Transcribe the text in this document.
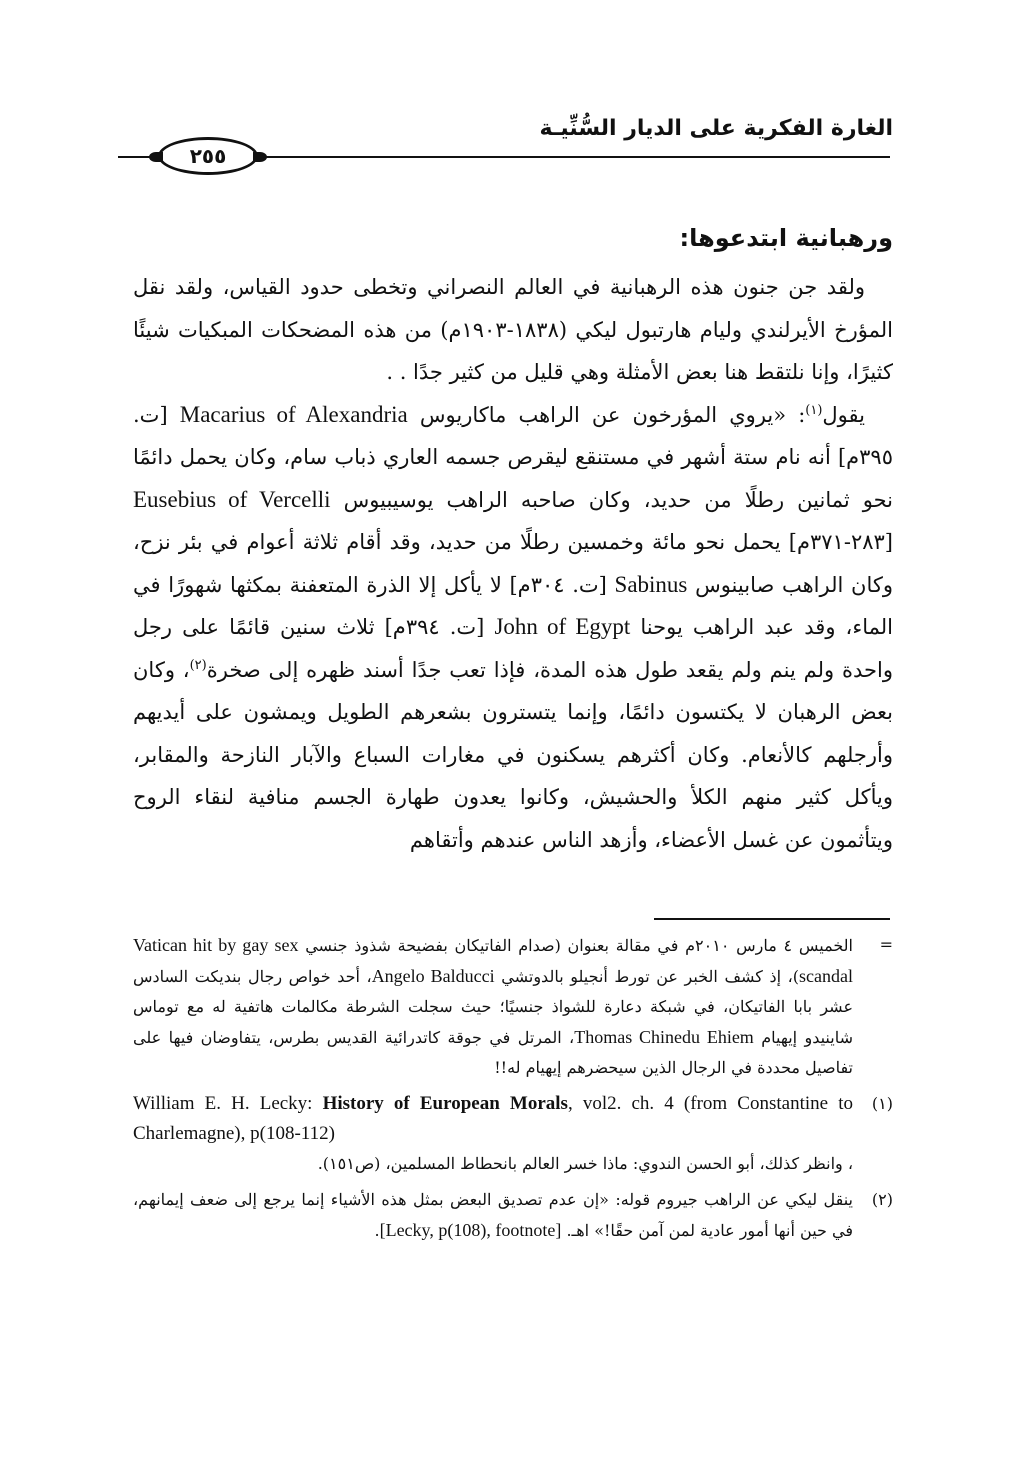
الغارة الفكرية على الديار السُّنِّيـة
٢٥٥
ورهبانية ابتدعوها:

ولقد جن جنون هذه الرهبانية في العالم النصراني وتخطى حدود القياس، ولقد نقل المؤرخ الأيرلندي وليام هارتبول ليكي (١٨٣٨-١٩٠٣م) من هذه المضحكات المبكيات شيئًا كثيرًا، وإنا نلتقط هنا بعض الأمثلة وهي قليل من كثير جدًا . .

يقول$^{(١)}$: «يروي المؤرخون عن الراهب ماكاريوس Macarius of Alexandria [ت. ٣٩٥م] أنه نام ستة أشهر في مستنقع ليقرص جسمه العاري ذباب سام، وكان يحمل دائمًا نحو ثمانين رطلًا من حديد، وكان صاحبه الراهب يوسيبيوس Eusebius of Vercelli [٢٨٣-٣٧١م] يحمل نحو مائة وخمسين رطلًا من حديد، وقد أقام ثلاثة أعوام في بئر نزح، وكان الراهب صابينوس Sabinus [ت. ٣٠٤م] لا يأكل إلا الذرة المتعفنة بمكثها شهورًا في الماء، وقد عبد الراهب يوحنا John of Egypt [ت. ٣٩٤م] ثلاث سنين قائمًا على رجل واحدة ولم ينم ولم يقعد طول هذه المدة، فإذا تعب جدًا أسند ظهره إلى صخرة$^{(٢)}$، وكان بعض الرهبان لا يكتسون دائمًا، وإنما يتسترون بشعرهم الطويل ويمشون على أيديهم وأرجلهم كالأنعام. وكان أكثرهم يسكنون في مغارات السباع والآبار النازحة والمقابر، ويأكل كثير منهم الكلأ والحشيش، وكانوا يعدون طهارة الجسم منافية لنقاء الروح ويتأثمون عن غسل الأعضاء، وأزهد الناس عندهم وأتقاهم

=
الخميس ٤ مارس ٢٠١٠م في مقالة بعنوان (صدام الفاتيكان بفضيحة شذوذ جنسي Vatican hit by gay sex scandal)، إذ كشف الخبر عن تورط أنجيلو بالدوتشي Angelo Balducci، أحد خواص رجال بنديكت السادس عشر بابا الفاتيكان، في شبكة دعارة للشواذ جنسيًا؛ حيث سجلت الشرطة مكالمات هاتفية له مع توماس شاينيدو إيهيام Thomas Chinedu Ehiem، المرتل في جوقة كاتدرائية القديس بطرس، يتفاوضان فيها على تفاصيل محددة في الرجال الذين سيحضرهم إيهيام له!!
(١)
William E. H. Lecky: History of European Morals, vol2. ch. 4 (from Constantine to Charlemagne), p(108-112)
، وانظر كذلك، أبو الحسن الندوي: ماذا خسر العالم بانحطاط المسلمين، (ص١٥١).
(٢)
ينقل ليكي عن الراهب جيروم قوله: «إن عدم تصديق البعض بمثل هذه الأشياء إنما يرجع إلى ضعف إيمانهم، في حين أنها أمور عادية لمن آمن حقًا!» اهـ. [Lecky, p(108), footnote].
